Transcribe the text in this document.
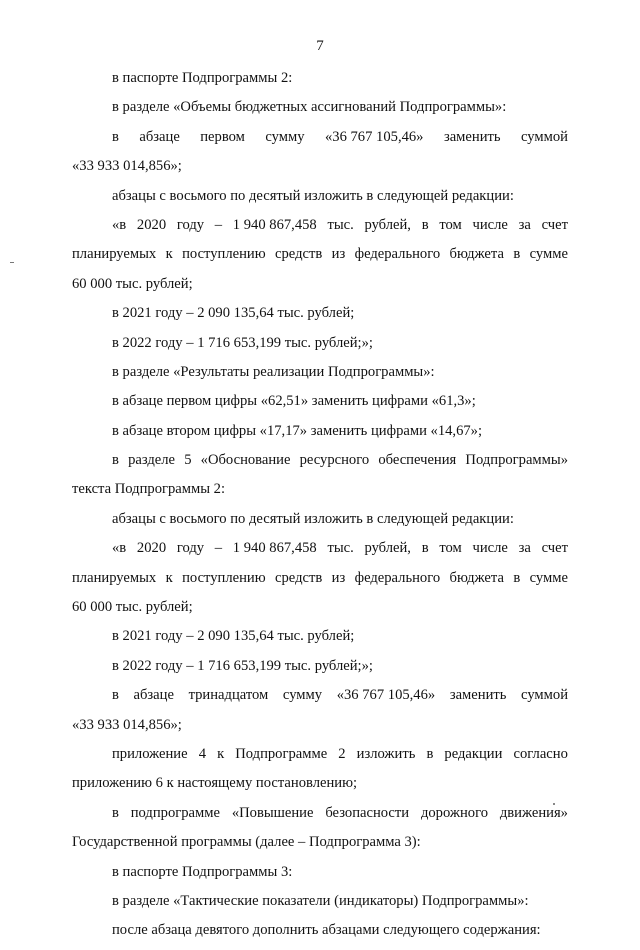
7
в паспорте Подпрограммы 2:
в разделе «Объемы бюджетных ассигнований Подпрограммы»:
в абзаце первом сумму «36 767 105,46» заменить суммой
«33 933 014,856»;
абзацы с восьмого по десятый изложить в следующей редакции:
«в 2020 году – 1 940 867,458 тыс. рублей, в том числе за счет
планируемых к поступлению средств из федерального бюджета в сумме
60 000 тыс. рублей;
в 2021 году – 2 090 135,64 тыс. рублей;
в 2022 году – 1 716 653,199 тыс. рублей;»;
в разделе «Результаты реализации Подпрограммы»:
в абзаце первом цифры «62,51» заменить цифрами «61,3»;
в абзаце втором цифры «17,17» заменить цифрами «14,67»;
в разделе 5 «Обоснование ресурсного обеспечения Подпрограммы»
текста Подпрограммы 2:
абзацы с восьмого по десятый изложить в следующей редакции:
«в 2020 году – 1 940 867,458 тыс. рублей, в том числе за счет
планируемых к поступлению средств из федерального бюджета в сумме
60 000 тыс. рублей;
в 2021 году – 2 090 135,64 тыс. рублей;
в 2022 году – 1 716 653,199 тыс. рублей;»;
в абзаце тринадцатом сумму «36 767 105,46» заменить суммой
«33 933 014,856»;
приложение 4 к Подпрограмме 2 изложить в редакции согласно
приложению 6 к настоящему постановлению;
в подпрограмме «Повышение безопасности дорожного движения»
Государственной программы (далее – Подпрограмма 3):
в паспорте Подпрограммы 3:
в разделе «Тактические показатели (индикаторы) Подпрограммы»:
после абзаца девятого дополнить абзацами следующего содержания:
